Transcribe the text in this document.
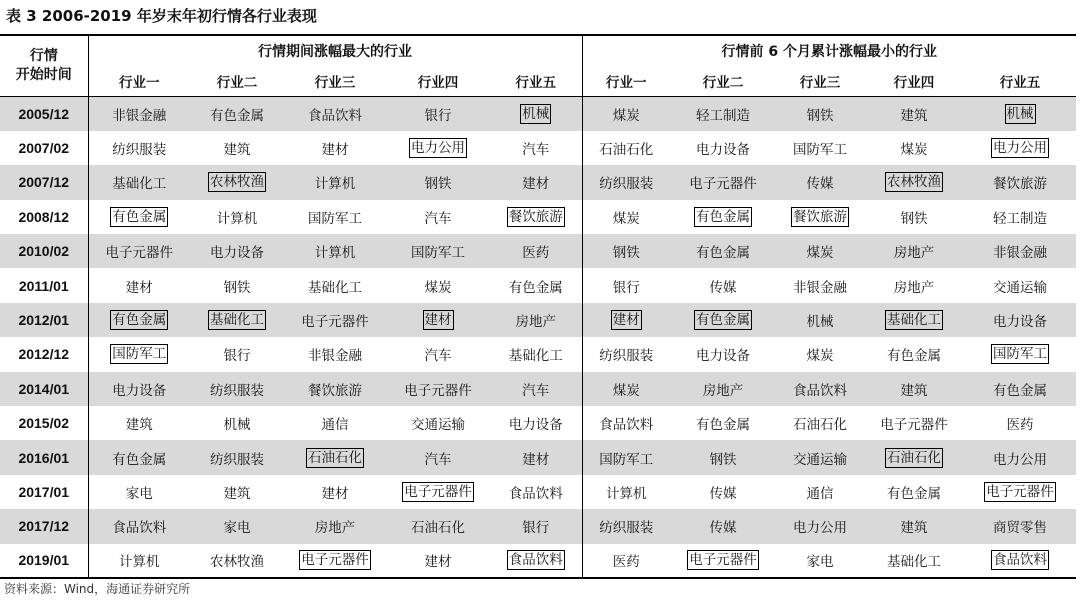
表 3 2006-2019 年岁末年初行情各行业表现
行情
开始时间	行情期间涨幅最大的行业					行情前 6 个月累计涨幅最小的行业				
	行业一	行业二	行业三	行业四	行业五	行业一	行业二	行业三	行业四	行业五
2005/12	非银金融	有色金属	食品饮料	银行	机械	煤炭	轻工制造	钢铁	建筑	机械
2007/02	纺织服装	建筑	建材	电力公用	汽车	石油石化	电力设备	国防军工	煤炭	电力公用
2007/12	基础化工	农林牧渔	计算机	钢铁	建材	纺织服装	电子元器件	传媒	农林牧渔	餐饮旅游
2008/12	有色金属	计算机	国防军工	汽车	餐饮旅游	煤炭	有色金属	餐饮旅游	钢铁	轻工制造
2010/02	电子元器件	电力设备	计算机	国防军工	医药	钢铁	有色金属	煤炭	房地产	非银金融
2011/01	建材	钢铁	基础化工	煤炭	有色金属	银行	传媒	非银金融	房地产	交通运输
2012/01	有色金属	基础化工	电子元器件	建材	房地产	建材	有色金属	机械	基础化工	电力设备
2012/12	国防军工	银行	非银金融	汽车	基础化工	纺织服装	电力设备	煤炭	有色金属	国防军工
2014/01	电力设备	纺织服装	餐饮旅游	电子元器件	汽车	煤炭	房地产	食品饮料	建筑	有色金属
2015/02	建筑	机械	通信	交通运输	电力设备	食品饮料	有色金属	石油石化	电子元器件	医药
2016/01	有色金属	纺织服装	石油石化	汽车	建材	国防军工	钢铁	交通运输	石油石化	电力公用
2017/01	家电	建筑	建材	电子元器件	食品饮料	计算机	传媒	通信	有色金属	电子元器件
2017/12	食品饮料	家电	房地产	石油石化	银行	纺织服装	传媒	电力公用	建筑	商贸零售
2019/01	计算机	农林牧渔	电子元器件	建材	食品饮料	医药	电子元器件	家电	基础化工	食品饮料
资料来源：Wind，海通证券研究所
